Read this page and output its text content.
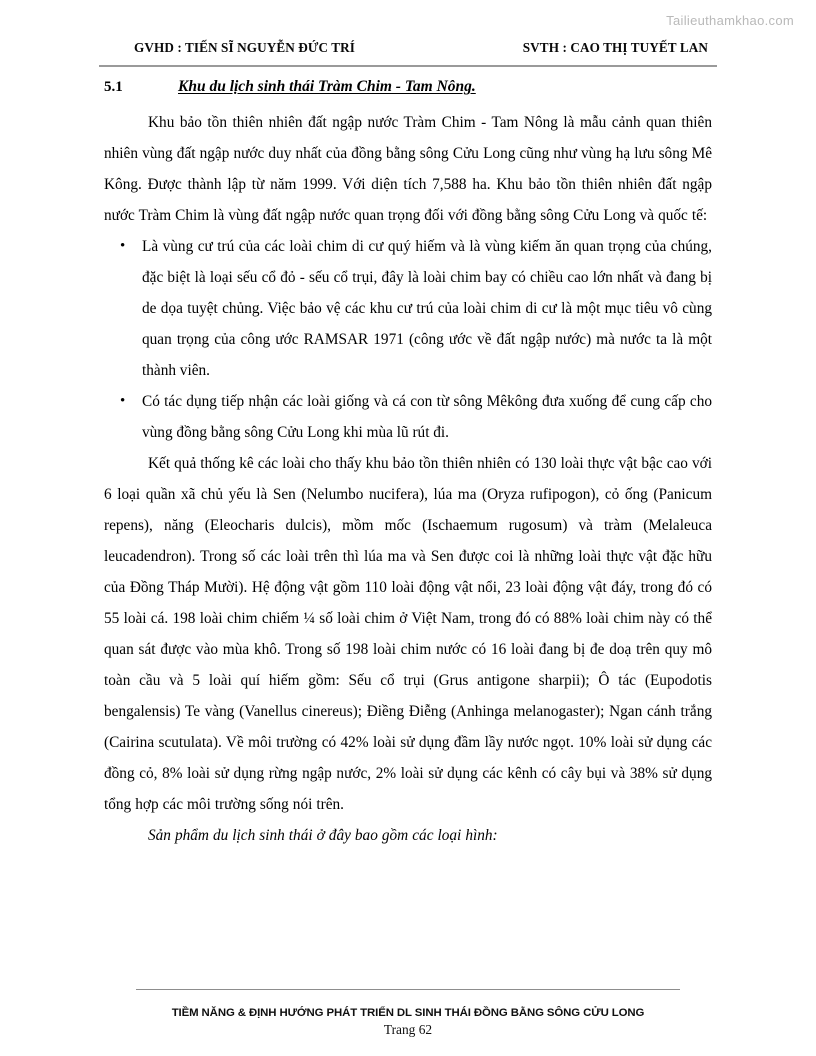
Tailieuthamkhao.com
GVHD : TIẾN SĨ NGUYỄN ĐỨC TRÍ	SVTH : CAO THỊ TUYẾT LAN
5.1	Khu du lịch sinh thái Tràm Chim - Tam Nông.

Khu bảo tồn thiên nhiên đất ngập nước Tràm Chim - Tam Nông là mẫu cảnh quan thiên nhiên vùng đất ngập nước duy nhất của đồng bằng sông Cửu Long cũng như vùng hạ lưu sông Mê Kông. Được thành lập từ năm 1999. Với diện tích 7,588 ha. Khu bảo tồn thiên nhiên đất ngập nước Tràm Chim là vùng đất ngập nước quan trọng đối với đồng bằng sông Cửu Long và quốc tế:

• Là vùng cư trú của các loài chim di cư quý hiếm và là vùng kiếm ăn quan trọng của chúng, đặc biệt là loại sếu cổ đỏ - sếu cổ trụi, đây là loài chim bay có chiều cao lớn nhất và đang bị de dọa tuyệt chủng. Việc bảo vệ các khu cư trú của loài chim di cư là một mục tiêu vô cùng quan trọng của công ước RAMSAR 1971 (công ước về đất ngập nước) mà nước ta là một thành viên.
• Có tác dụng tiếp nhận các loài giống và cá con từ sông Mêkông đưa xuống để cung cấp cho vùng đồng bằng sông Cửu Long khi mùa lũ rút đi.

Kết quả thống kê các loài cho thấy khu bảo tồn thiên nhiên có 130 loài thực vật bậc cao với 6 loại quần xã chủ yếu là Sen (Nelumbo nucifera), lúa ma (Oryza rufipogon), cỏ ống (Panicum repens), năng (Eleocharis dulcis), mồm mốc (Ischaemum rugosum) và tràm (Melaleuca leucadendron). Trong số các loài trên thì lúa ma và Sen được coi là những loài thực vật đặc hữu của Đồng Tháp Mười). Hệ động vật gồm 110 loài động vật nổi, 23 loài động vật đáy, trong đó có 55 loài cá. 198 loài chim chiếm ¼ số loài chim ở Việt Nam, trong đó có 88% loài chim này có thể quan sát được vào mùa khô. Trong số 198 loài chim nước có 16 loài đang bị đe doạ trên quy mô toàn cầu và 5 loài quí hiếm gồm: Sếu cổ trụi (Grus antigone sharpii); Ô tác (Eupodotis bengalensis) Te vàng (Vanellus cinereus); Điềng Điễng (Anhinga melanogaster); Ngan cánh trắng (Cairina scutulata). Về môi trường có 42% loài sử dụng đầm lầy nước ngọt. 10% loài sử dụng các đồng cỏ, 8% loài sử dụng rừng ngập nước, 2% loài sử dụng các kênh có cây bụi và 38% sử dụng tổng hợp các môi trường sống nói trên.

Sản phẩm du lịch sinh thái ở đây bao gồm các loại hình:

TIỀM NĂNG & ĐỊNH HƯỚNG PHÁT TRIỂN DL SINH THÁI ĐỒNG BẰNG SÔNG CỬU LONG
Trang 62
